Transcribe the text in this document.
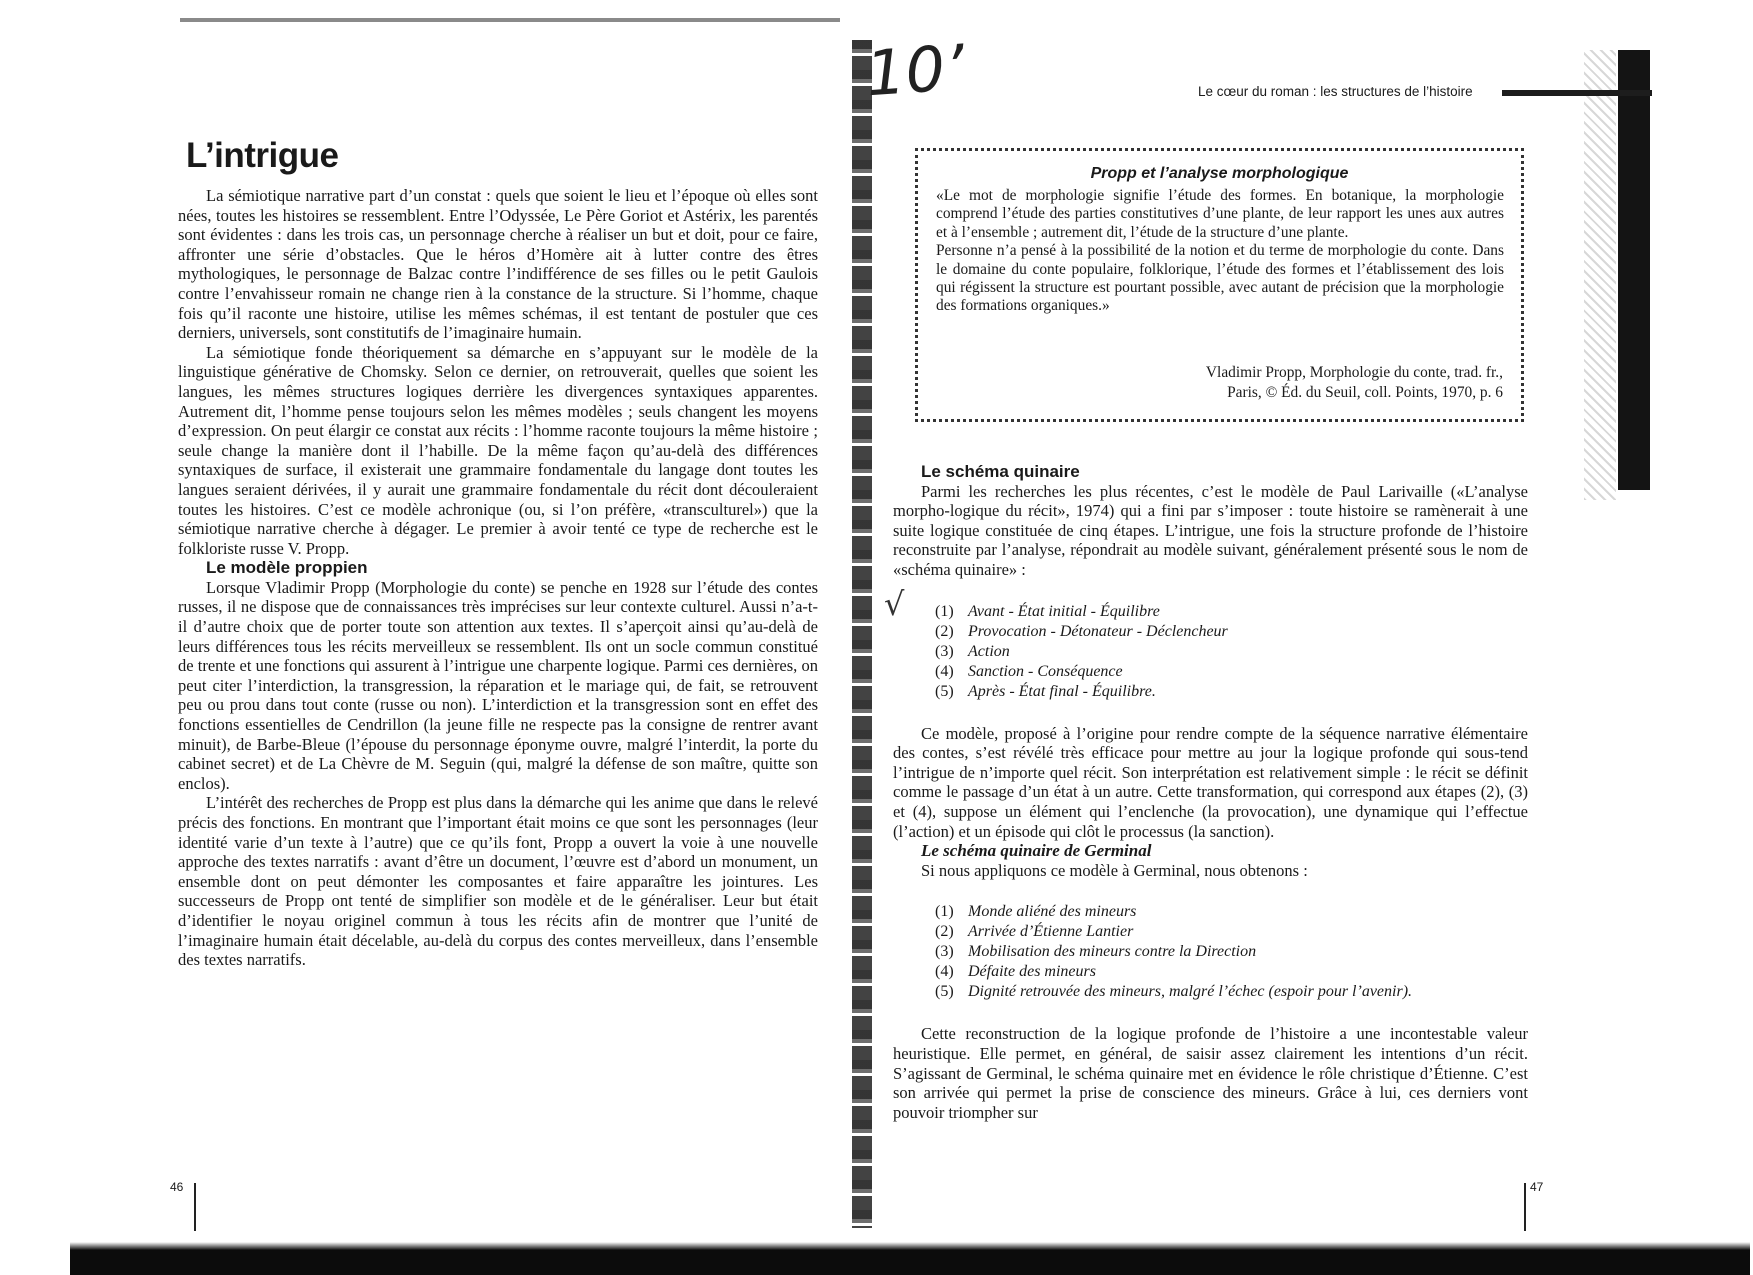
L’intrigue

La sémiotique narrative part d’un constat : quels que soient le lieu et l’époque où elles sont nées, toutes les histoires se ressemblent. Entre l’Odyssée, Le Père Goriot et Astérix, les parentés sont évidentes : dans les trois cas, un personnage cherche à réaliser un but et doit, pour ce faire, affronter une série d’obstacles. Que le héros d’Homère ait à lutter contre des êtres mythologiques, le personnage de Balzac contre l’indifférence de ses filles ou le petit Gaulois contre l’envahisseur romain ne change rien à la constance de la structure. Si l’homme, chaque fois qu’il raconte une histoire, utilise les mêmes schémas, il est tentant de postuler que ces derniers, universels, sont constitutifs de l’imaginaire humain.

La sémiotique fonde théoriquement sa démarche en s’appuyant sur le modèle de la linguistique générative de Chomsky. Selon ce dernier, on retrouverait, quelles que soient les langues, les mêmes structures logiques derrière les divergences syntaxiques apparentes. Autrement dit, l’homme pense toujours selon les mêmes modèles ; seuls changent les moyens d’expression. On peut élargir ce constat aux récits : l’homme raconte toujours la même histoire ; seule change la manière dont il l’habille. De la même façon qu’au-delà des différences syntaxiques de surface, il existerait une grammaire fondamentale du langage dont toutes les langues seraient dérivées, il y aurait une grammaire fondamentale du récit dont découleraient toutes les histoires. C’est ce modèle achronique (ou, si l’on préfère, «transculturel») que la sémiotique narrative cherche à dégager. Le premier à avoir tenté ce type de recherche est le folkloriste russe V. Propp.

Le modèle proppien

Lorsque Vladimir Propp (Morphologie du conte) se penche en 1928 sur l’étude des contes russes, il ne dispose que de connaissances très imprécises sur leur contexte culturel. Aussi n’a-t-il d’autre choix que de porter toute son attention aux textes. Il s’aperçoit ainsi qu’au-delà de leurs différences tous les récits merveilleux se ressemblent. Ils ont un socle commun constitué de trente et une fonctions qui assurent à l’intrigue une charpente logique. Parmi ces dernières, on peut citer l’interdiction, la transgression, la réparation et le mariage qui, de fait, se retrouvent peu ou prou dans tout conte (russe ou non). L’interdiction et la transgression sont en effet des fonctions essentielles de Cendrillon (la jeune fille ne respecte pas la consigne de rentrer avant minuit), de Barbe-Bleue (l’épouse du personnage éponyme ouvre, malgré l’interdit, la porte du cabinet secret) et de La Chèvre de M. Seguin (qui, malgré la défense de son maître, quitte son enclos).

L’intérêt des recherches de Propp est plus dans la démarche qui les anime que dans le relevé précis des fonctions. En montrant que l’important était moins ce que sont les personnages (leur identité varie d’un texte à l’autre) que ce qu’ils font, Propp a ouvert la voie à une nouvelle approche des textes narratifs : avant d’être un document, l’œuvre est d’abord un monument, un ensemble dont on peut démonter les composantes et faire apparaître les jointures. Les successeurs de Propp ont tenté de simplifier son modèle et de le généraliser. Leur but était d’identifier le noyau originel commun à tous les récits afin de montrer que l’unité de l’imaginaire humain était décelable, au-delà du corpus des contes merveilleux, dans l’ensemble des textes narratifs.

46
10’	Le cœur du roman : les structures de l’histoire
Propp et l’analyse morphologique

«Le mot de morphologie signifie l’étude des formes. En botanique, la morphologie comprend l’étude des parties constitutives d’une plante, de leur rapport les unes aux autres et à l’ensemble ; autrement dit, l’étude de la structure d’une plante.

Personne n’a pensé à la possibilité de la notion et du terme de morphologie du conte. Dans le domaine du conte populaire, folklorique, l’étude des formes et l’établissement des lois qui régissent la structure est pourtant possible, avec autant de précision que la morphologie des formations organiques.»

Vladimir Propp, Morphologie du conte, trad. fr.,
Paris, © Éd. du Seuil, coll. Points, 1970, p. 6

Le schéma quinaire

Parmi les recherches les plus récentes, c’est le modèle de Paul Larivaille («L’analyse morpho-logique du récit», 1974) qui a fini par s’imposer : toute histoire se ramènerait à une suite logique constituée de cinq étapes. L’intrigue, une fois la structure profonde de l’histoire reconstruite par l’analyse, répondrait au modèle suivant, généralement présenté sous le nom de «schéma quinaire» :

(1) Avant - État initial - Équilibre
(2) Provocation - Détonateur - Déclencheur
(3) Action
(4) Sanction - Conséquence
(5) Après - État final - Équilibre.

Ce modèle, proposé à l’origine pour rendre compte de la séquence narrative élémentaire des contes, s’est révélé très efficace pour mettre au jour la logique profonde qui sous-tend l’intrigue de n’importe quel récit. Son interprétation est relativement simple : le récit se définit comme le passage d’un état à un autre. Cette transformation, qui correspond aux étapes (2), (3) et (4), suppose un élément qui l’enclenche (la provocation), une dynamique qui l’effectue (l’action) et un épisode qui clôt le processus (la sanction).

Le schéma quinaire de Germinal

Si nous appliquons ce modèle à Germinal, nous obtenons :

(1) Monde aliéné des mineurs
(2) Arrivée d’Étienne Lantier
(3) Mobilisation des mineurs contre la Direction
(4) Défaite des mineurs
(5) Dignité retrouvée des mineurs, malgré l’échec (espoir pour l’avenir).

Cette reconstruction de la logique profonde de l’histoire a une incontestable valeur heuristique. Elle permet, en général, de saisir assez clairement les intentions d’un récit. S’agissant de Germinal, le schéma quinaire met en évidence le rôle christique d’Étienne. C’est son arrivée qui permet la prise de conscience des mineurs. Grâce à lui, ces derniers vont pouvoir triompher sur

√
47
